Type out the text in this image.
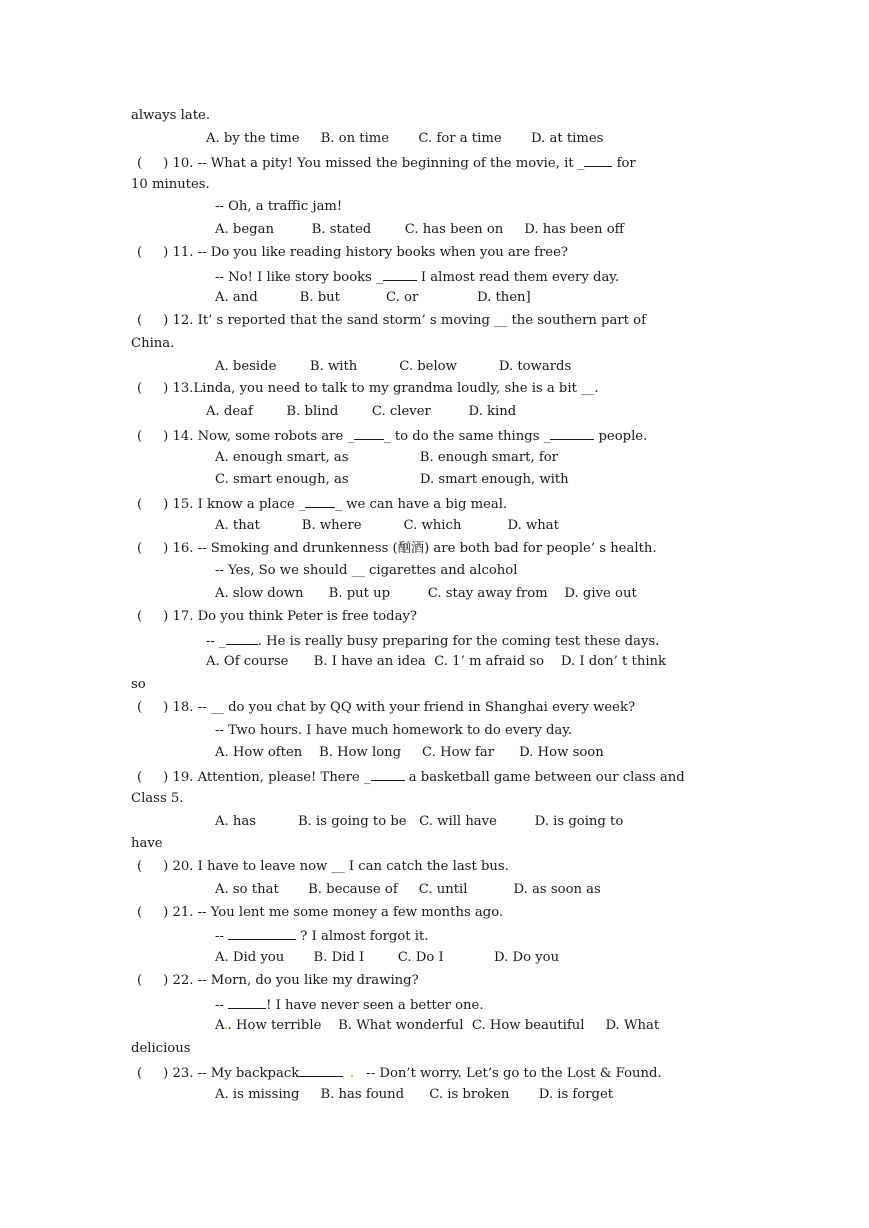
always late.
A. by the time     B. on time       C. for a time       D. at times
(     ) 10. -- What a pity! You missed the beginning of the movie, it _ for
10 minutes.
-- Oh, a traffic jam!
A. began         B. stated        C. has been on     D. has been off
(     ) 11. -- Do you like reading history books when you are free?
-- No! I like story books _	I almost read them every day.
A. and          B. but           C. or              D. then]
(     ) 12. It’ s reported that the sand storm’ s moving __ the southern part of
China.
A. beside        B. with          C. below          D. towards
(     ) 13.Linda, you need to talk to my grandma loudly, she is a bit __.
A. deaf        B. blind        C. clever         D. kind
(     ) 14. Now, some robots are _ _ to do the same things _	people.
A. enough smart, as                 B. enough smart, for
C. smart enough, as                 D. smart enough, with
(     ) 15. I know a place _ _ we can have a big meal.
A. that          B. where          C. which           D. what
(     ) 16. -- Smoking and drunkenness (酗酒) are both bad for people’ s health.
-- Yes, So we should __ cigarettes and alcohol
A. slow down      B. put up         C. stay away from    D. give out
(     ) 17. Do you think Peter is free today?
-- _ . He is really busy preparing for the coming test these days.
A. Of course      B. I have an idea  C. 1’ m afraid so    D. I don’ t think
so
(     ) 18. -- __ do you chat by QQ with your friend in Shanghai every week?
-- Two hours. I have much homework to do every day.
A. How often    B. How long     C. How far      D. How soon
(     ) 19. Attention, please! There _	a basketball game between our class and
Class 5.
A. has          B. is going to be   C. will have         D. is going to
have
(     ) 20. I have to leave now __ I can catch the last bus.
A. so that       B. because of     C. until           D. as soon as
(     ) 21. -- You lent me some money a few months ago.
--	? I almost forgot it.
A. Did you       B. Did I        C. Do I            D. Do you
(     ) 22. -- Morn, do you like my drawing?
--	! I have never seen a better one.
A.. How terrible    B. What wonderful  C. How beautiful     D. What
delicious
(     ) 23. -- My backpack	.   -- Don’t worry. Let’s go to the Lost & Found.
A. is missing     B. has found      C. is broken       D. is forget
